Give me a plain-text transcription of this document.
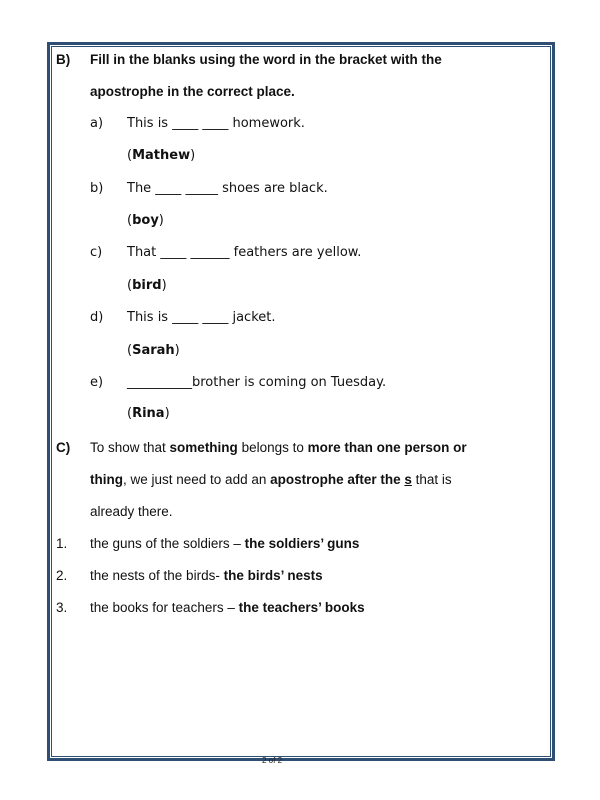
B) Fill in the blanks using the word in the bracket with the
apostrophe in the correct place.
a) This is ____ ____ homework.
(Mathew)
b) The ____ _____ shoes are black.
(boy)
c) That ____ ______ feathers are yellow.
(bird)
d) This is ____ ____ jacket.
(Sarah)
e) __________brother is coming on Tuesday.
(Rina)
C) To show that something belongs to more than one person or
thing, we just need to add an apostrophe after the s that is
already there.
1. the guns of the soldiers – the soldiers’ guns
2. the nests of the birds- the birds’ nests
3. the books for teachers – the teachers’ books
2 of 2
